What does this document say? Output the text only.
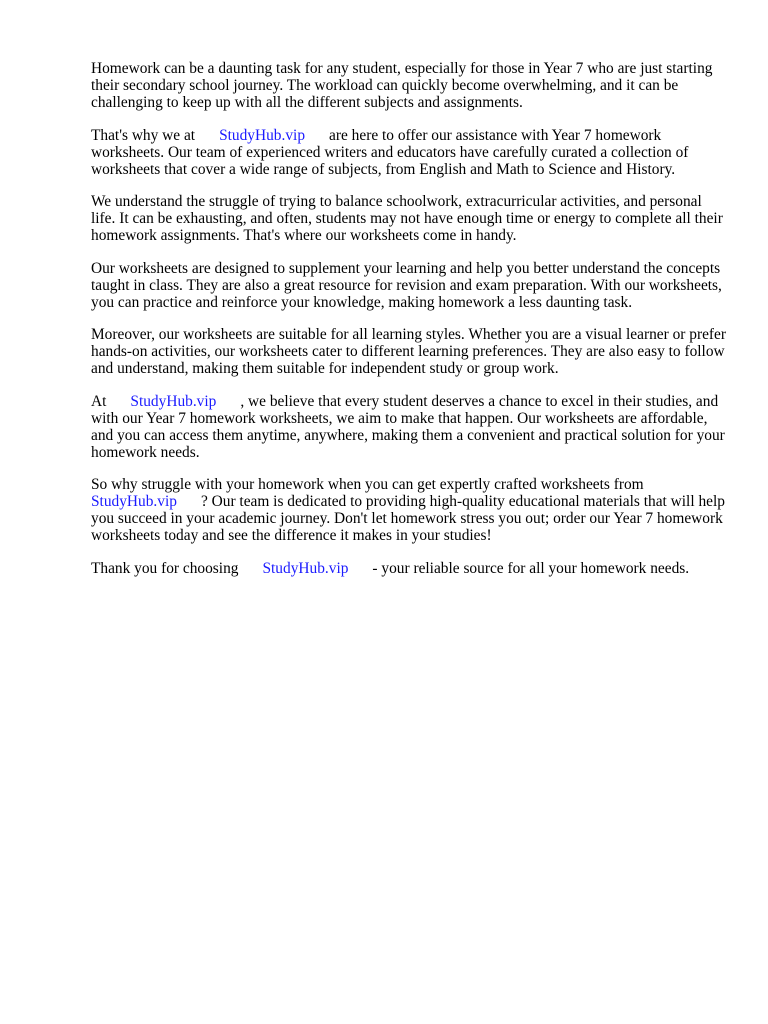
Homework can be a daunting task for any student, especially for those in Year 7 who are just starting their secondary school journey. The workload can quickly become overwhelming, and it can be challenging to keep up with all the different subjects and assignments.

That's why we at StudyHub.vip are here to offer our assistance with Year 7 homework worksheets. Our team of experienced writers and educators have carefully curated a collection of worksheets that cover a wide range of subjects, from English and Math to Science and History.

We understand the struggle of trying to balance schoolwork, extracurricular activities, and personal life. It can be exhausting, and often, students may not have enough time or energy to complete all their homework assignments. That's where our worksheets come in handy.

Our worksheets are designed to supplement your learning and help you better understand the concepts taught in class. They are also a great resource for revision and exam preparation. With our worksheets, you can practice and reinforce your knowledge, making homework a less daunting task.

Moreover, our worksheets are suitable for all learning styles. Whether you are a visual learner or prefer hands-on activities, our worksheets cater to different learning preferences. They are also easy to follow and understand, making them suitable for independent study or group work.

At StudyHub.vip , we believe that every student deserves a chance to excel in their studies, and with our Year 7 homework worksheets, we aim to make that happen. Our worksheets are affordable, and you can access them anytime, anywhere, making them a convenient and practical solution for your homework needs.

So why struggle with your homework when you can get expertly crafted worksheets from StudyHub.vip ? Our team is dedicated to providing high-quality educational materials that will help you succeed in your academic journey. Don't let homework stress you out; order our Year 7 homework worksheets today and see the difference it makes in your studies!

Thank you for choosing StudyHub.vip - your reliable source for all your homework needs.
